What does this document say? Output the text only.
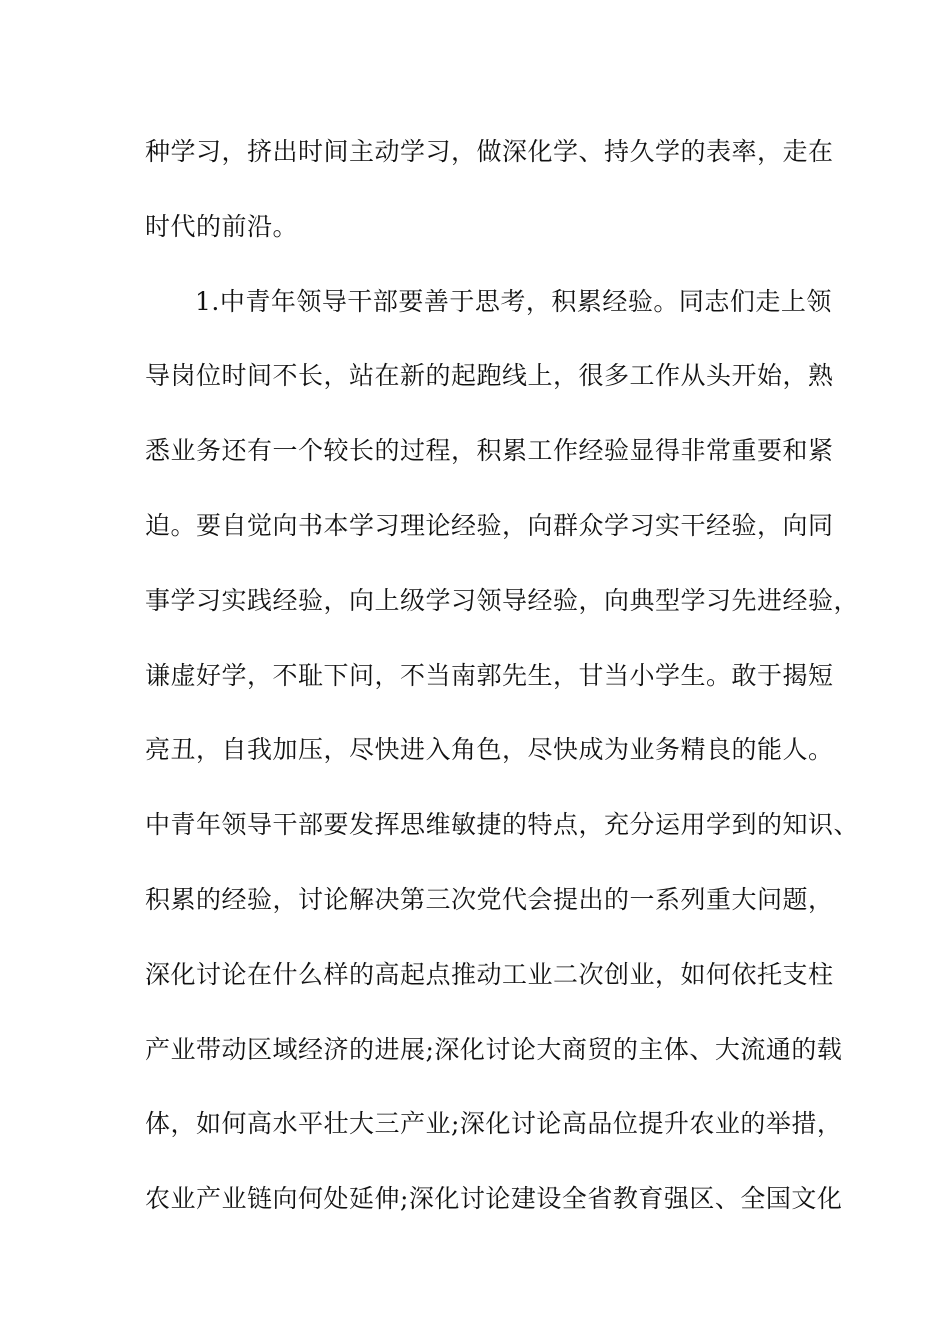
种学习，挤出时间主动学习，做深化学、持久学的表率，走在
时代的前沿。
1.中青年领导干部要善于思考，积累经验。同志们走上领
导岗位时间不长，站在新的起跑线上，很多工作从头开始，熟
悉业务还有一个较长的过程，积累工作经验显得非常重要和紧
迫。要自觉向书本学习理论经验，向群众学习实干经验，向同
事学习实践经验，向上级学习领导经验，向典型学习先进经验，
谦虚好学，不耻下问，不当南郭先生，甘当小学生。敢于揭短
亮丑，自我加压，尽快进入角色，尽快成为业务精良的能人。
中青年领导干部要发挥思维敏捷的特点，充分运用学到的知识、
积累的经验，讨论解决第三次党代会提出的一系列重大问题，
深化讨论在什么样的高起点推动工业二次创业，如何依托支柱
产业带动区域经济的进展;深化讨论大商贸的主体、大流通的载
体，如何高水平壮大三产业;深化讨论高品位提升农业的举措，
农业产业链向何处延伸;深化讨论建设全省教育强区、全国文化
